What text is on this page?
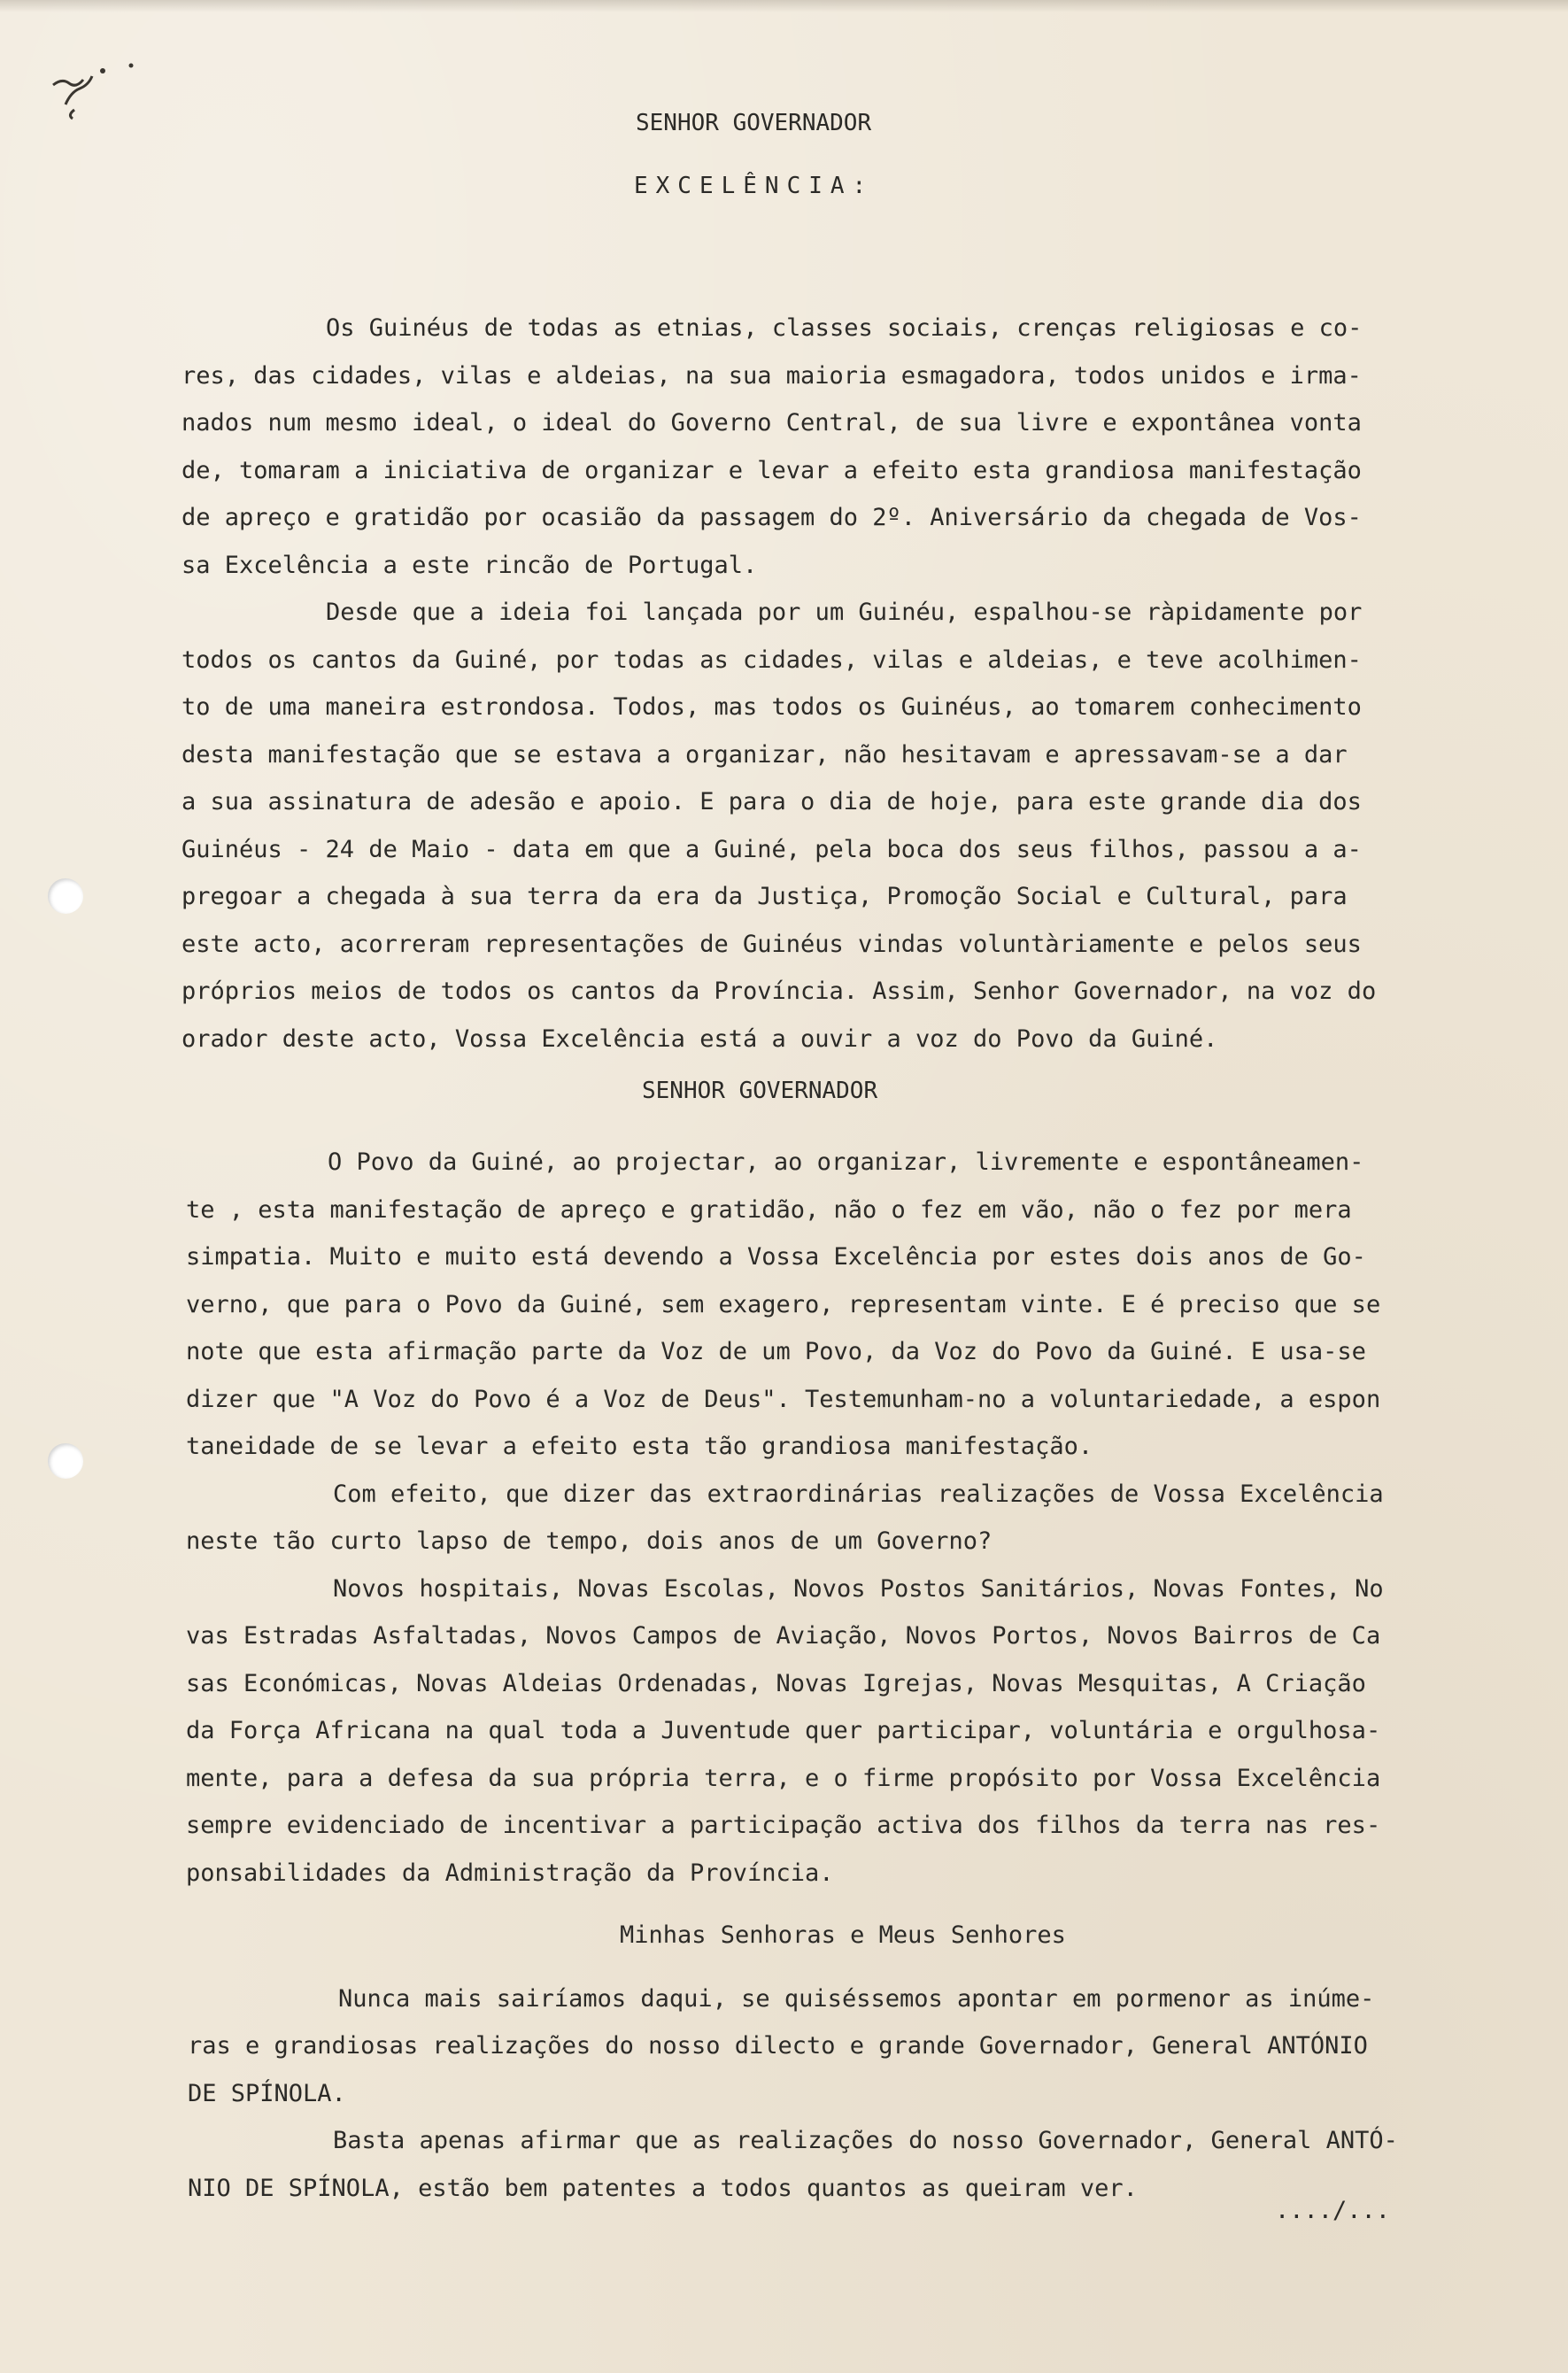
SENHOR GOVERNADOR
EXCELÊNCIA:
Os Guinéus de todas as etnias, classes sociais, crenças religiosas e co-
res, das cidades, vilas e aldeias, na sua maioria esmagadora, todos unidos e irma-
nados num mesmo ideal, o ideal do Governo Central, de sua livre e expontânea vonta
de, tomaram a iniciativa de organizar e levar a efeito esta grandiosa manifestação
de apreço e gratidão por ocasião da passagem do 2º. Aniversário da chegada de Vos-
sa Excelência a este rincão de Portugal.
Desde que a ideia foi lançada por um Guinéu, espalhou-se ràpidamente por
todos os cantos da Guiné, por todas as cidades, vilas e aldeias, e teve acolhimen-
to de uma maneira estrondosa. Todos, mas todos os Guinéus, ao tomarem conhecimento
desta manifestação que se estava a organizar, não hesitavam e apressavam-se a dar
a sua assinatura de adesão e apoio. E para o dia de hoje, para este grande dia dos
Guinéus - 24 de Maio - data em que a Guiné, pela boca dos seus filhos, passou a a-
pregoar a chegada à sua terra da era da Justiça, Promoção Social e Cultural, para
este acto, acorreram representações de Guinéus vindas voluntàriamente e pelos seus
próprios meios de todos os cantos da Província. Assim, Senhor Governador, na voz do
orador deste acto, Vossa Excelência está a ouvir a voz do Povo da Guiné.
SENHOR GOVERNADOR
O Povo da Guiné, ao projectar, ao organizar, livremente e espontâneamen-
te , esta manifestação de apreço e gratidão, não o fez em vão, não o fez por mera
simpatia. Muito e muito está devendo a Vossa Excelência por estes dois anos de Go-
verno, que para o Povo da Guiné, sem exagero, representam vinte. E é preciso que se
note que esta afirmação parte da Voz de um Povo, da Voz do Povo da Guiné. E usa-se
dizer que "A Voz do Povo é a Voz de Deus". Testemunham-no a voluntariedade, a espon
taneidade de se levar a efeito esta tão grandiosa manifestação.
Com efeito, que dizer das extraordinárias realizações de Vossa Excelência
neste tão curto lapso de tempo, dois anos de um Governo?
Novos hospitais, Novas Escolas, Novos Postos Sanitários, Novas Fontes, No
vas Estradas Asfaltadas, Novos Campos de Aviação, Novos Portos, Novos Bairros de Ca
sas Económicas, Novas Aldeias Ordenadas, Novas Igrejas, Novas Mesquitas, A Criação
da Força Africana na qual toda a Juventude quer participar, voluntária e orgulhosa-
mente, para a defesa da sua própria terra, e o firme propósito por Vossa Excelência
sempre evidenciado de incentivar a participação activa dos filhos da terra nas res-
ponsabilidades da Administração da Província.
Minhas Senhoras e Meus Senhores
Nunca mais sairíamos daqui, se quiséssemos apontar em pormenor as inúme-
ras e grandiosas realizações do nosso dilecto e grande Governador, General ANTÓNIO
DE SPÍNOLA.
Basta apenas afirmar que as realizações do nosso Governador, General ANTÓ-
NIO DE SPÍNOLA, estão bem patentes a todos quantos as queiram ver.
..../...
